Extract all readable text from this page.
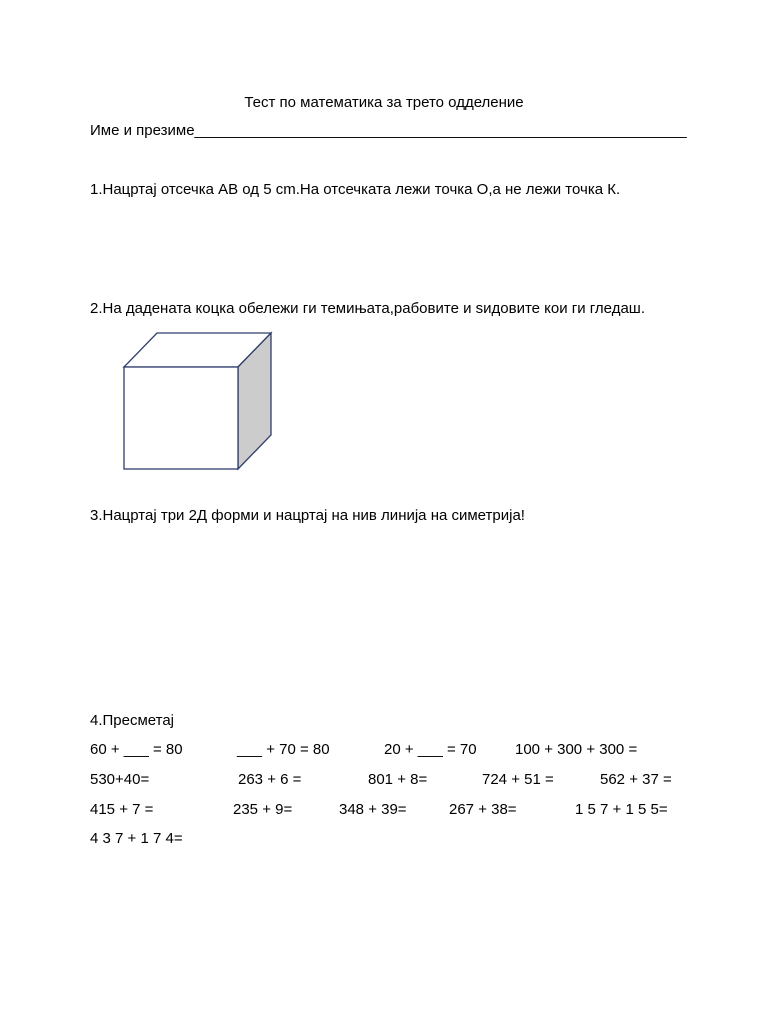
Тест по математика за трето одделение
Име и презиме___________________________________________________________
1.Нацртај отсечка АВ од 5 cm.На отсечката лежи точка О,а не лежи точка К.
2.На дадената коцка обележи ги темињата,рабовите и ѕидовите кои ги гледаш.
3.Нацртај три 2Д форми и нацртај на нив линија на симетрија!
4.Пресметај
60 + ___ = 80	___ + 70 = 80	20 + ___ = 70	100 + 300 + 300 =
530+40=	263 + 6 =	801 + 8=	724 + 51 =	562 + 37 =
415 + 7 =	235 + 9=	348 + 39=	267 + 38=	1 5 7 + 1 5 5=
4 3 7 + 1 7 4=
